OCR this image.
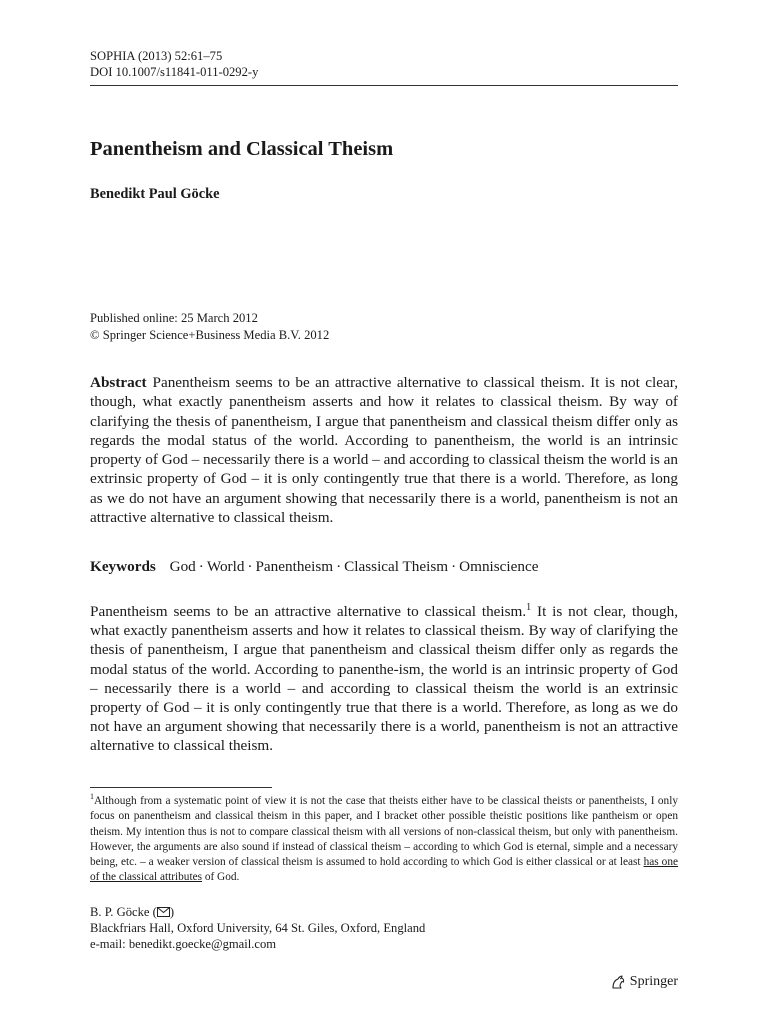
SOPHIA (2013) 52:61–75
DOI 10.1007/s11841-011-0292-y
Panentheism and Classical Theism
Benedikt Paul Göcke
Published online: 25 March 2012
© Springer Science+Business Media B.V. 2012
Abstract Panentheism seems to be an attractive alternative to classical theism. It is not clear, though, what exactly panentheism asserts and how it relates to classical theism. By way of clarifying the thesis of panentheism, I argue that panentheism and classical theism differ only as regards the modal status of the world. According to panentheism, the world is an intrinsic property of God – necessarily there is a world – and according to classical theism the world is an extrinsic property of God – it is only contingently true that there is a world. Therefore, as long as we do not have an argument showing that necessarily there is a world, panentheism is not an attractive alternative to classical theism.
Keywords God · World · Panentheism · Classical Theism · Omniscience
Panentheism seems to be an attractive alternative to classical theism.$^1$ It is not clear, though, what exactly panentheism asserts and how it relates to classical theism. By way of clarifying the thesis of panentheism, I argue that panentheism and classical theism differ only as regards the modal status of the world. According to panenthe-ism, the world is an intrinsic property of God – necessarily there is a world – and according to classical theism the world is an extrinsic property of God – it is only contingently true that there is a world. Therefore, as long as we do not have an argument showing that necessarily there is a world, panentheism is not an attractive alternative to classical theism.
$^1$Although from a systematic point of view it is not the case that theists either have to be classical theists or panentheists, I only focus on panentheism and classical theism in this paper, and I bracket other possible theistic positions like pantheism or open theism. My intention thus is not to compare classical theism with all versions of non-classical theism, but only with panentheism. However, the arguments are also sound if instead of classical theism – according to which God is eternal, simple and a necessary being, etc. – a weaker version of classical theism is assumed to hold according to which God is either classical or at least has one of the classical attributes of God.
B. P. Göcke ( )
Blackfriars Hall, Oxford University, 64 St. Giles, Oxford, England
e-mail: benedikt.goecke@gmail.com
Springer
